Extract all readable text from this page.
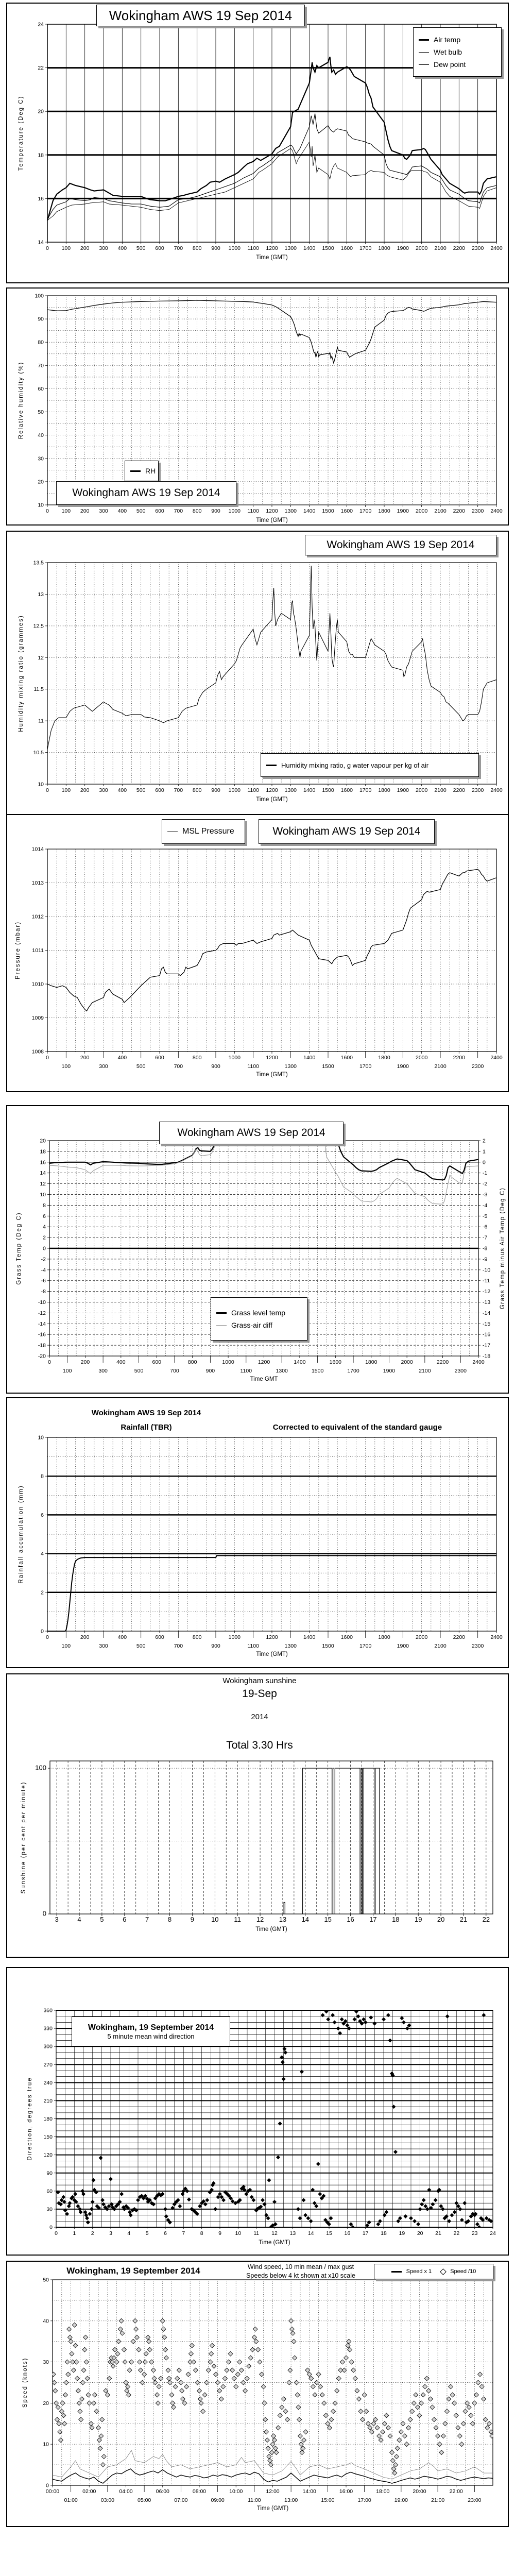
0 100 200 300 400 500 600 700 800 900 1000 1100 1200 1300 1400 1500 1600 1700 1800 1900 2000 2100 2200 2300 2400
14
16
18
20
22
24
Time (GMT)
Temperature (Deg C)
Wokingham AWS 19 Sep 2014
Air temp
Wet bulb
Dew point
0 100 200 300 400 500 600 700 800 900 1000 1100 1200 1300 1400 1500 1600 1700 1800 1900 2000 2100 2200 2300 2400
10
20
30
40
50
60
70
80
90
100
Time (GMT)
Relative humidity (%)
RH
Wokingham AWS 19 Sep 2014
0 100 200 300 400 500 600 700 800 900 1000 1100 1200 1300 1400 1500 1600 1700 1800 1900 2000 2100 2200 2300 2400
10
10.5
11
11.5
12
12.5
13
13.5
Time (GMT)
Humidity mixing ratio (grammes)
Wokingham AWS 19 Sep 2014
Humidity mixing ratio, g water vapour per kg of air
0
100
200
300
400
500
600
700
800
900
1000
1100
1200
1300
1400
1500
1600
1700
1800
1900
2000
2100
2200
2300
2400
1008
1009
1010
1011
1012
1013
1014
Time (GMT)
Pressure (mbar)
MSL Pressure	Wokingham AWS 19 Sep 2014
0
100
200
300
400
500
600
700
800
900
1000
1100
1200
1300
1400
1500
1600
1700
1800
1900
2000
2100
2200
2300
2400
-20
-18
-16
-14
-12
-10
-8
-6
-4
-2
0
2
4
6
8
10
12
14
16
18
20
-18
-17
-16
-15
-14
-13
-12
-11
-10
-9
-8
-7
-6
-5
-4
-3
-2
-1
0
1
2
Time GMT
Grass Temp (Deg C)	Grass Temp minus Air Temp (Deg C)
Wokingham AWS 19 Sep 2014
Grass level temp
Grass-air diff
0
100
200
300
400
500
600
700
800
900
1000
1100
1200
1300
1400
1500
1600
1700
1800
1900
2000
2100
2200
2300
2400
0
2
4
6
8
10
Time (GMT)
Rainfall accumulation (mm)
Wokingham AWS 19 Sep 2014
Rainfall (TBR)	Corrected to equivalent of the standard gauge
3	4	5	6	7	8	9	10 11 12 13 14 15 16 17 18 19 20 21 22
0
100
Time (GMT)
Sunshine (per cent per minute)
Wokingham sunshine
19-Sep
2014
Total 3.30 Hrs
0	1	2	3	4	5	6	7	8	9	10 11 12 13 14 15 16 17 18 19 20 21 22 23 24
0
30
60
90
120
150
180
210
240
270
300
330
360
Time (GMT)
Direction, degrees true
Wokingham, 19 September 2014
5 minute mean wind direction
00:00
01:00
02:00
03:00
04:00
05:00
06:00
07:00
08:00
09:00
10:00
11:00
12:00
13:00
14:00
15:00
16:00
17:00
18:00
19:00
20:00
21:00
22:00
23:00
0
10
20
30
40
50
Time (GMT)
Speed (knots)
Wokingham, 19 September 2014	Wind speed, 10 min mean / max gust
Speeds below 4 kt shown at x10 scale
Speed x 1	Speed /10
